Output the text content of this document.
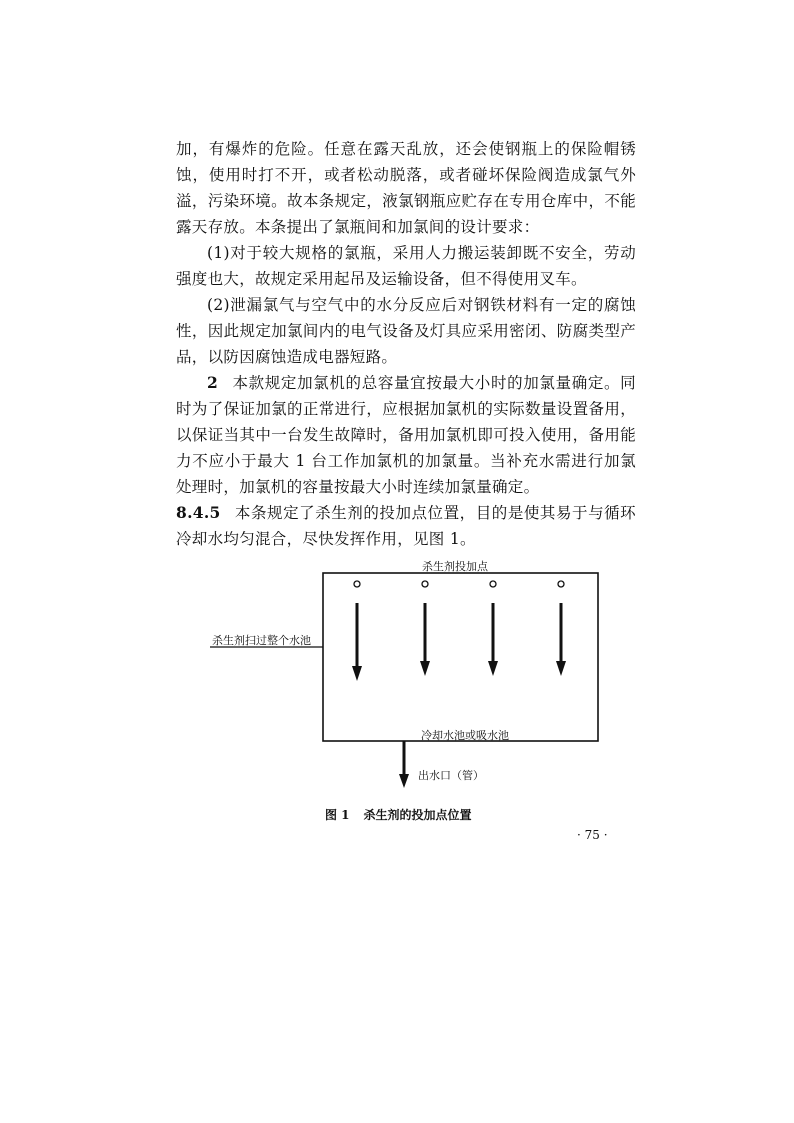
加，有爆炸的危险。任意在露天乱放，还会使钢瓶上的保险帽锈蚀，使用时打不开，或者松动脱落，或者碰坏保险阀造成氯气外溢，污染环境。故本条规定，液氯钢瓶应贮存在专用仓库中，不能露天存放。本条提出了氯瓶间和加氯间的设计要求：

(1)对于较大规格的氯瓶，采用人力搬运装卸既不安全，劳动强度也大，故规定采用起吊及运输设备，但不得使用叉车。

(2)泄漏氯气与空气中的水分反应后对钢铁材料有一定的腐蚀性，因此规定加氯间内的电气设备及灯具应采用密闭、防腐类型产品，以防因腐蚀造成电器短路。

2 本款规定加氯机的总容量宜按最大小时的加氯量确定。同时为了保证加氯的正常进行，应根据加氯机的实际数量设置备用，以保证当其中一台发生故障时，备用加氯机即可投入使用，备用能力不应小于最大 1 台工作加氯机的加氯量。当补充水需进行加氯处理时，加氯机的容量按最大小时连续加氯量确定。

8.4.5 本条规定了杀生剂的投加点位置，目的是使其易于与循环冷却水均匀混合，尽快发挥作用，见图 1。

杀生剂投加点
杀生剂扫过整个水池
冷却水池或吸水池
出水口（管）
图 1 杀生剂的投加点位置
· 75 ·
